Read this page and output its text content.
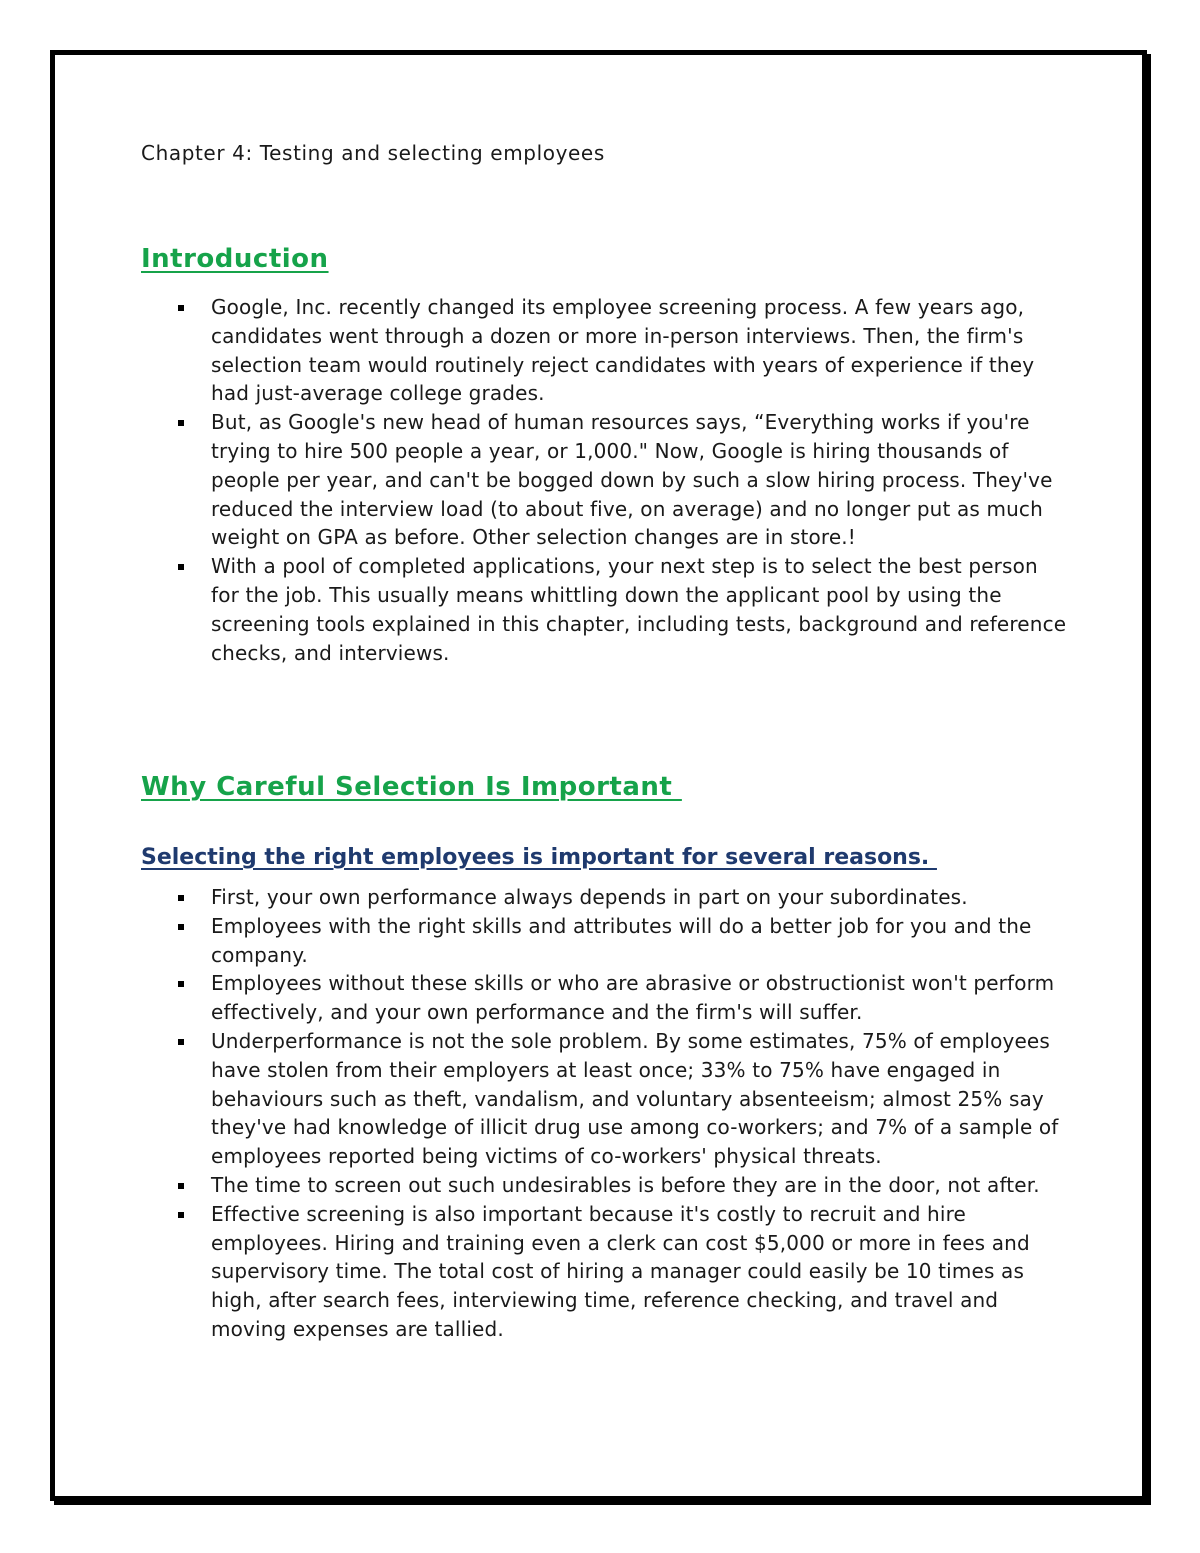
Chapter 4: Testing and selecting employees
Introduction
Google, Inc. recently changed its employee screening process. A few years ago, candidates went through a dozen or more in-person interviews. Then, the firm's selection team would routinely reject candidates with years of experience if they had just-average college grades.
But, as Google's new head of human resources says, “Everything works if you're trying to hire 500 people a year, or 1,000." Now, Google is hiring thousands of people per year, and can't be bogged down by such a slow hiring process. They've reduced the interview load (to about five, on average) and no longer put as much weight on GPA as before. Other selection changes are in store.!
With a pool of completed applications, your next step is to select the best person for the job. This usually means whittling down the applicant pool by using the screening tools explained in this chapter, including tests, background and reference checks, and interviews.
Why Careful Selection Is Important
Selecting the right employees is important for several reasons.
First, your own performance always depends in part on your subordinates.
Employees with the right skills and attributes will do a better job for you and the company.
Employees without these skills or who are abrasive or obstructionist won't perform effectively, and your own performance and the firm's will suffer.
Underperformance is not the sole problem. By some estimates, 75% of employees have stolen from their employers at least once; 33% to 75% have engaged in behaviours such as theft, vandalism, and voluntary absenteeism; almost 25% say they've had knowledge of illicit drug use among co-workers; and 7% of a sample of employees reported being victims of co-workers' physical threats.
The time to screen out such undesirables is before they are in the door, not after.
Effective screening is also important because it's costly to recruit and hire employees. Hiring and training even a clerk can cost $5,000 or more in fees and supervisory time. The total cost of hiring a manager could easily be 10 times as high, after search fees, interviewing time, reference checking, and travel and moving expenses are tallied.
